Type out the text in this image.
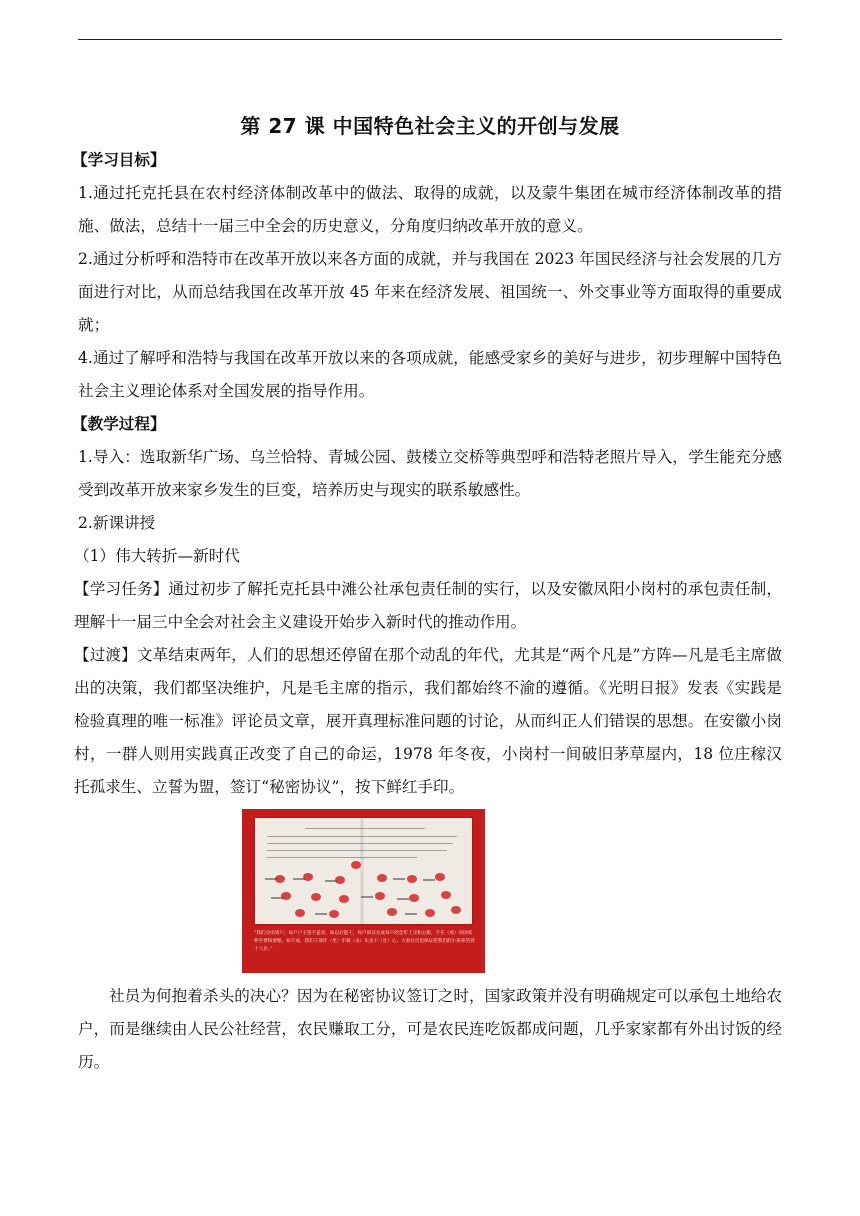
第 27 课 中国特色社会主义的开创与发展

【学习目标】

1.通过托克托县在农村经济体制改革中的做法、取得的成就，以及蒙牛集团在城市经济体制改革的措施、做法，总结十一届三中全会的历史意义，分角度归纳改革开放的意义。

2.通过分析呼和浩特市在改革开放以来各方面的成就，并与我国在 2023 年国民经济与社会发展的几方面进行对比，从而总结我国在改革开放 45 年来在经济发展、祖国统一、外交事业等方面取得的重要成就；

4.通过了解呼和浩特与我国在改革开放以来的各项成就，能感受家乡的美好与进步，初步理解中国特色社会主义理论体系对全国发展的指导作用。

【教学过程】

1.导入：选取新华广场、乌兰恰特、青城公园、鼓楼立交桥等典型呼和浩特老照片导入，学生能充分感受到改革开放来家乡发生的巨变，培养历史与现实的联系敏感性。

2.新课讲授

（1）伟大转折—新时代

【学习任务】通过初步了解托克托县中滩公社承包责任制的实行，以及安徽凤阳小岗村的承包责任制，理解十一届三中全会对社会主义建设开始步入新时代的推动作用。

【过渡】文革结束两年，人们的思想还停留在那个动乱的年代，尤其是“两个凡是”方阵—凡是毛主席做出的决策，我们都坚决维护，凡是毛主席的指示，我们都始终不渝的遵循。《光明日报》发表《实践是检验真理的唯一标准》评论员文章，展开真理标准问题的讨论，从而纠正人们错误的思想。在安徽小岗村，一群人则用实践真正改变了自己的命运，1978 年冬夜，小岗村一间破旧茅草屋内，18 位庄稼汉托孤求生、立誓为盟，签订“秘密协议”，按下鲜红手印。

“我们分田到户，每户户主签字盖章，如以后能干，每户保证完成每户的全年上交和公粮，不在（再）向国家伸手要钱要粮。如不成，我们干部作（坐）牢刹（杀）头也干（甘）心，大家社员也保证把我们的小孩养活到十八岁。”

社员为何抱着杀头的决心？因为在秘密协议签订之时，国家政策并没有明确规定可以承包土地给农户，而是继续由人民公社经营，农民赚取工分，可是农民连吃饭都成问题，几乎家家都有外出讨饭的经历。
